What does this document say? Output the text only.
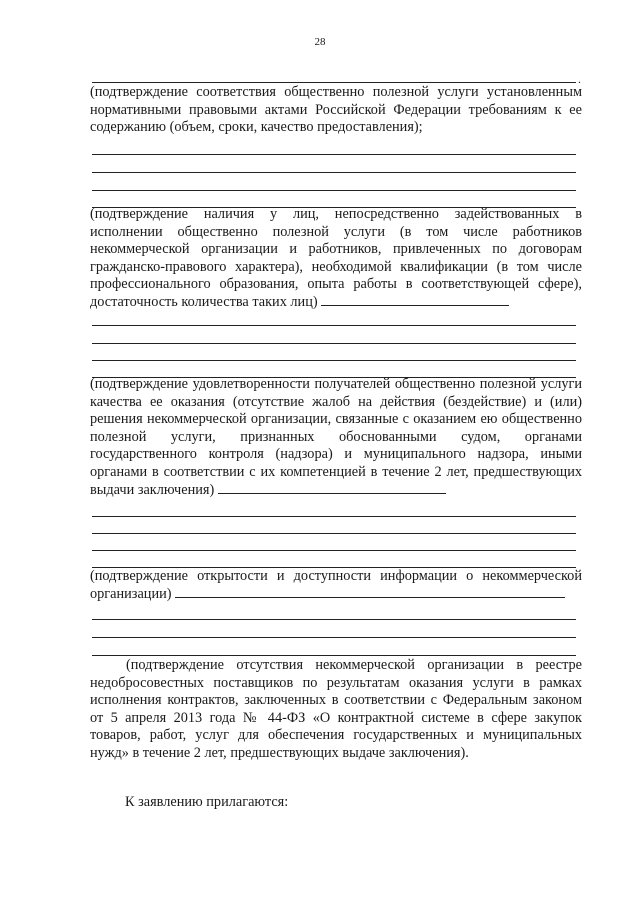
28
.

(подтверждение соответствия общественно полезной услуги установленным нормативными правовыми актами Российской Федерации требованиям к ее содержанию (объем, сроки, качество предоставления);

(подтверждение наличия у лиц, непосредственно задействованных в исполнении общественно полезной услуги (в том числе работников некоммерческой организации и работников, привлеченных по договорам гражданско-правового характера), необходимой квалификации (в том числе профессионального образования, опыта работы в соответствующей сфере), достаточность количества таких лиц)

(подтверждение удовлетворенности получателей общественно полезной услуги качества ее оказания (отсутствие жалоб на действия (бездействие) и (или) решения некоммерческой организации, связанные с оказанием ею общественно полезной услуги, признанных обоснованными судом, органами государственного контроля (надзора) и муниципального надзора, иными органами в соответствии с их компетенцией в течение 2 лет, предшествующих выдачи заключения)

(подтверждение открытости и доступности информации о некоммерческой организации)

(подтверждение отсутствия некоммерческой организации в реестре недобросовестных поставщиков по результатам оказания услуги в рамках исполнения контрактов, заключенных в соответствии с Федеральным законом от 5 апреля 2013 года № 44-ФЗ «О контрактной системе в сфере закупок товаров, работ, услуг для обеспечения государственных и муниципальных нужд» в течение 2 лет, предшествующих выдаче заключения).

К заявлению прилагаются:
